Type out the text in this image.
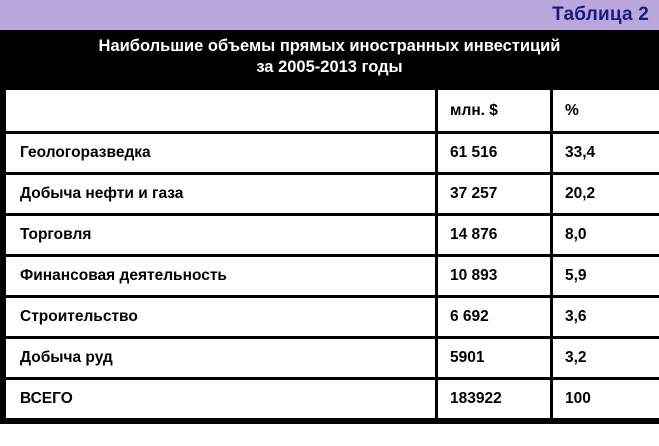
Таблица 2
Наибольшие объемы прямых иностранных инвестиций
за 2005-2013 годы
	млн. $	%
Геологоразведка	61 516	33,4
Добыча нефти и газа	37 257	20,2
Торговля	14 876	8,0
Финансовая деятельность	10 893	5,9
Строительство	6 692	3,6
Добыча руд	5901	3,2
ВСЕГО	183922	100
